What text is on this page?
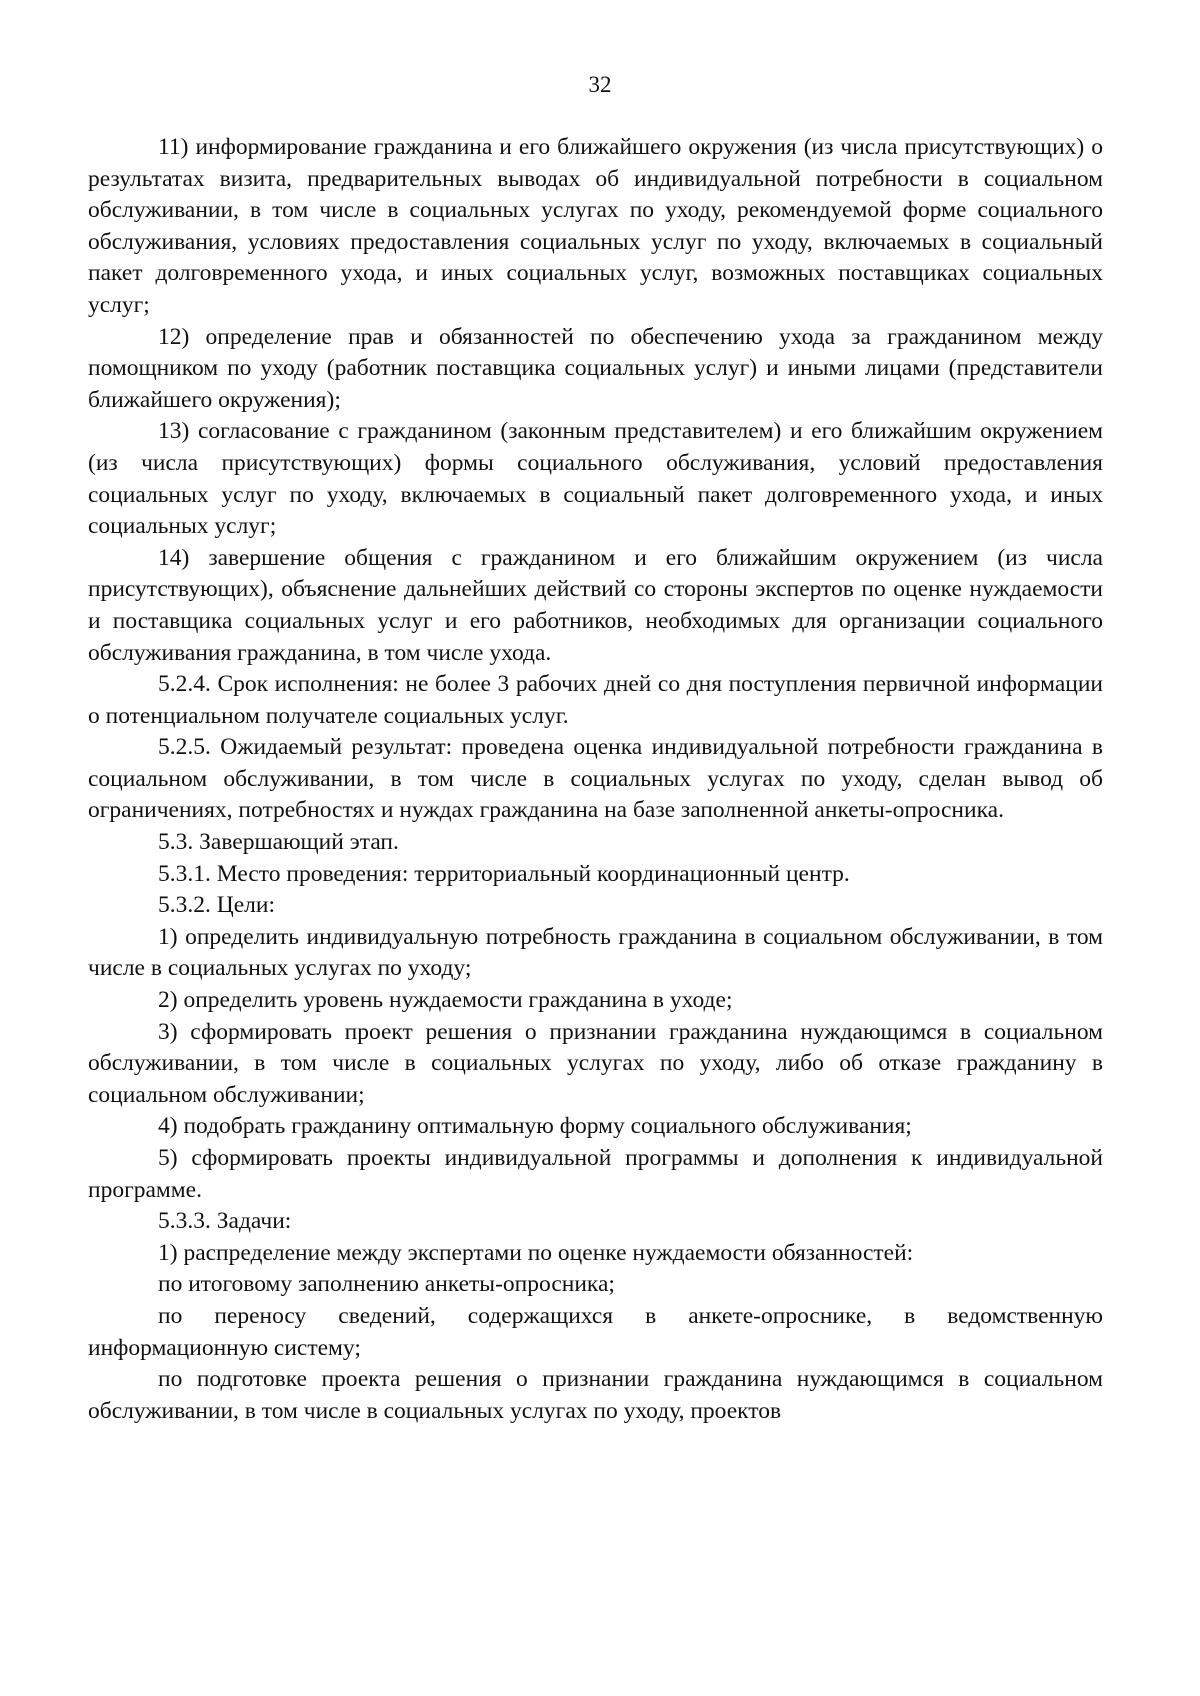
32

11) информирование гражданина и его ближайшего окружения (из числа присутствующих) о результатах визита, предварительных выводах об индивидуальной потребности в социальном обслуживании, в том числе в социальных услугах по уходу, рекомендуемой форме социального обслуживания, условиях предоставления социальных услуг по уходу, включаемых в социальный пакет долговременного ухода, и иных социальных услуг, возможных поставщиках социальных услуг;

12) определение прав и обязанностей по обеспечению ухода за гражданином между помощником по уходу (работник поставщика социальных услуг) и иными лицами (представители ближайшего окружения);

13) согласование с гражданином (законным представителем) и его ближайшим окружением (из числа присутствующих) формы социального обслуживания, условий предоставления социальных услуг по уходу, включаемых в социальный пакет долговременного ухода, и иных социальных услуг;

14) завершение общения с гражданином и его ближайшим окружением (из числа присутствующих), объяснение дальнейших действий со стороны экспертов по оценке нуждаемости и поставщика социальных услуг и его работников, необходимых для организации социального обслуживания гражданина, в том числе ухода.

5.2.4. Срок исполнения: не более 3 рабочих дней со дня поступления первичной информации о потенциальном получателе социальных услуг.

5.2.5. Ожидаемый результат: проведена оценка индивидуальной потребности гражданина в социальном обслуживании, в том числе в социальных услугах по уходу, сделан вывод об ограничениях, потребностях и нуждах гражданина на базе заполненной анкеты-опросника.

5.3. Завершающий этап.

5.3.1. Место проведения: территориальный координационный центр.

5.3.2. Цели:

1) определить индивидуальную потребность гражданина в социальном обслуживании, в том числе в социальных услугах по уходу;

2) определить уровень нуждаемости гражданина в уходе;

3) сформировать проект решения о признании гражданина нуждающимся в социальном обслуживании, в том числе в социальных услугах по уходу, либо об отказе гражданину в социальном обслуживании;

4) подобрать гражданину оптимальную форму социального обслуживания;

5) сформировать проекты индивидуальной программы и дополнения к индивидуальной программе.

5.3.3. Задачи:

1) распределение между экспертами по оценке нуждаемости обязанностей:

по итоговому заполнению анкеты-опросника;

по переносу сведений, содержащихся в анкете-опроснике, в ведомственную информационную систему;

по подготовке проекта решения о признании гражданина нуждающимся в социальном обслуживании, в том числе в социальных услугах по уходу, проектов
